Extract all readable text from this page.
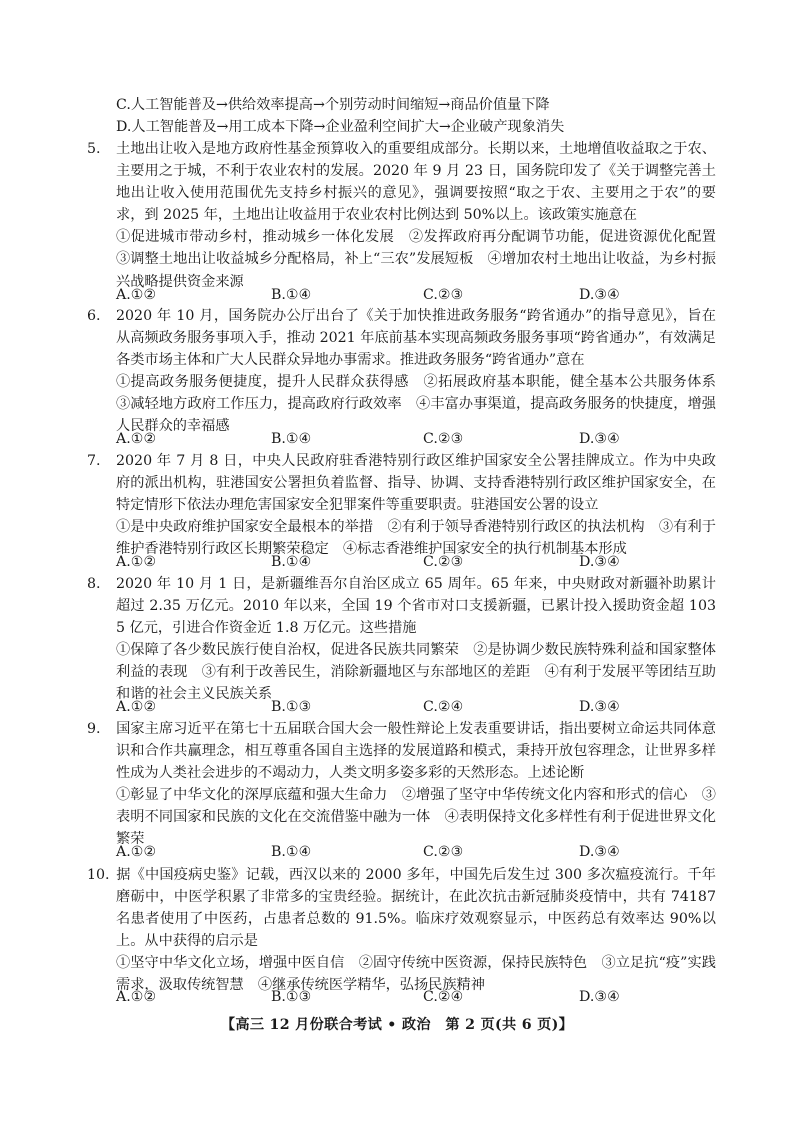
C.人工智能普及→供给效率提高→个别劳动时间缩短→商品价值量下降
D.人工智能普及→用工成本下降→企业盈利空间扩大→企业破产现象消失
5. 土地出让收入是地方政府性基金预算收入的重要组成部分。长期以来，土地增值收益取之于农、主要用之于城，不利于农业农村的发展。2020 年 9 月 23 日，国务院印发了《关于调整完善土地出让收入使用范围优先支持乡村振兴的意见》，强调要按照“取之于农、主要用之于农”的要求，到 2025 年，土地出让收益用于农业农村比例达到 50%以上。该政策实施意在
①促进城市带动乡村，推动城乡一体化发展　②发挥政府再分配调节功能，促进资源优化配置　③调整土地出让收益城乡分配格局，补上“三农”发展短板　④增加农村土地出让收益，为乡村振兴战略提供资金来源
A.①②	B.①④	C.②③	D.③④
6. 2020 年 10 月，国务院办公厅出台了《关于加快推进政务服务“跨省通办”的指导意见》，旨在从高频政务服务事项入手，推动 2021 年底前基本实现高频政务服务事项“跨省通办”，有效满足各类市场主体和广大人民群众异地办事需求。推进政务服务“跨省通办”意在
①提高政务服务便捷度，提升人民群众获得感　②拓展政府基本职能，健全基本公共服务体系　③减轻地方政府工作压力，提高政府行政效率　④丰富办事渠道，提高政务服务的快捷度，增强人民群众的幸福感
A.①②	B.①④	C.②③	D.③④
7. 2020 年 7 月 8 日，中央人民政府驻香港特别行政区维护国家安全公署挂牌成立。作为中央政府的派出机构，驻港国安公署担负着监督、指导、协调、支持香港特别行政区维护国家安全，在特定情形下依法办理危害国家安全犯罪案件等重要职责。驻港国安公署的设立
①是中央政府维护国家安全最根本的举措　②有利于领导香港特别行政区的执法机构　③有利于维护香港特别行政区长期繁荣稳定　④标志香港维护国家安全的执行机制基本形成
A.①②	B.①④	C.②③	D.③④
8. 2020 年 10 月 1 日，是新疆维吾尔自治区成立 65 周年。65 年来，中央财政对新疆补助累计超过 2.35 万亿元。2010 年以来，全国 19 个省市对口支援新疆，已累计投入援助资金超 1035 亿元，引进合作资金近 1.8 万亿元。这些措施
①保障了各少数民族行使自治权，促进各民族共同繁荣　②是协调少数民族特殊利益和国家整体利益的表现　③有利于改善民生，消除新疆地区与东部地区的差距　④有利于发展平等团结互助和谐的社会主义民族关系
A.①②	B.①③	C.②④	D.③④
9. 国家主席习近平在第七十五届联合国大会一般性辩论上发表重要讲话，指出要树立命运共同体意识和合作共赢理念，相互尊重各国自主选择的发展道路和模式，秉持开放包容理念，让世界多样性成为人类社会进步的不竭动力，人类文明多姿多彩的天然形态。上述论断
①彰显了中华文化的深厚底蕴和强大生命力　②增强了坚守中华传统文化内容和形式的信心　③表明不同国家和民族的文化在交流借鉴中融为一体　④表明保持文化多样性有利于促进世界文化繁荣
A.①②	B.①④	C.②③	D.③④
10. 据《中国疫病史鉴》记载，西汉以来的 2000 多年，中国先后发生过 300 多次瘟疫流行。千年磨砺中，中医学积累了非常多的宝贵经验。据统计，在此次抗击新冠肺炎疫情中，共有 74187 名患者使用了中医药，占患者总数的 91.5%。临床疗效观察显示，中医药总有效率达 90%以上。从中获得的启示是
①坚守中华文化立场，增强中医自信　②固守传统中医资源，保持民族特色　③立足抗“疫”实践需求，汲取传统智慧　④继承传统医学精华，弘扬民族精神
A.①②	B.①③	C.②④	D.③④
【高三 12 月份联合考试 • 政治　第 2 页(共 6 页)】
